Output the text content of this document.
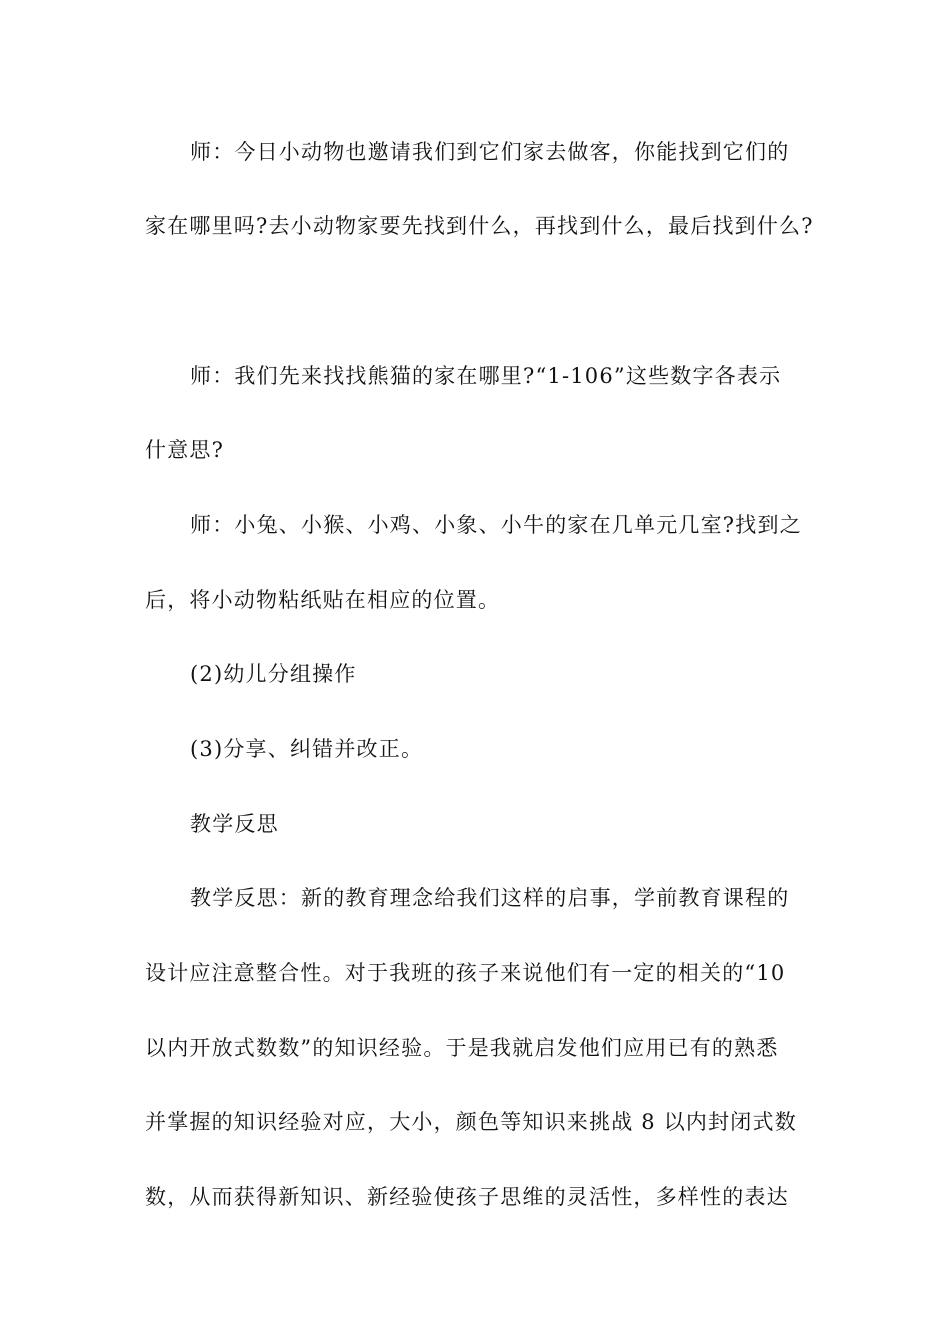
师：今日小动物也邀请我们到它们家去做客，你能找到它们的
家在哪里吗?去小动物家要先找到什么，再找到什么，最后找到什么?
师：我们先来找找熊猫的家在哪里?“1-106”这些数字各表示
什意思?
师：小兔、小猴、小鸡、小象、小牛的家在几单元几室?找到之
后，将小动物粘纸贴在相应的位置。
(2)幼儿分组操作
(3)分享、纠错并改正。
教学反思
教学反思：新的教育理念给我们这样的启事，学前教育课程的
设计应注意整合性。对于我班的孩子来说他们有一定的相关的“10
以内开放式数数”的知识经验。于是我就启发他们应用已有的熟悉
并掌握的知识经验对应，大小，颜色等知识来挑战 8 以内封闭式数
数，从而获得新知识、新经验使孩子思维的灵活性，多样性的表达
